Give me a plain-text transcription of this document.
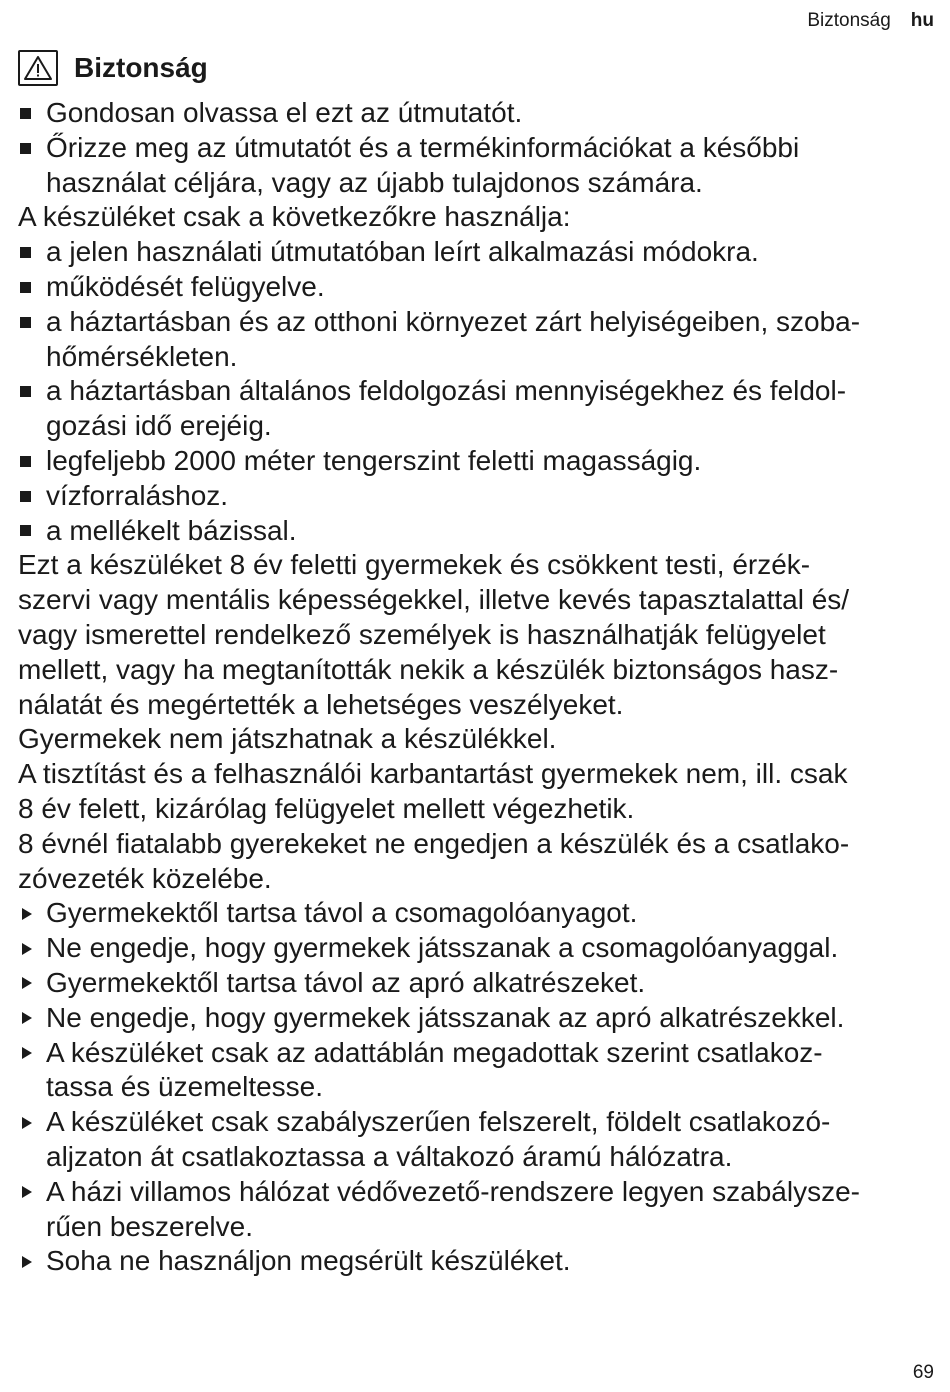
Biztonság hu
Biztonság
Gondosan olvassa el ezt az útmutatót.
Őrizze meg az útmutatót és a termékinformációkat a későbbi
használat céljára, vagy az újabb tulajdonos számára.
A készüléket csak a következőkre használja:
a jelen használati útmutatóban leírt alkalmazási módokra.
működését felügyelve.
a háztartásban és az otthoni környezet zárt helyiségeiben, szoba-
hőmérsékleten.
a háztartásban általános feldolgozási mennyiségekhez és feldol-
gozási idő erejéig.
legfeljebb 2000 méter tengerszint feletti magasságig.
vízforraláshoz.
a mellékelt bázissal.
Ezt a készüléket 8 év feletti gyermekek és csökkent testi, érzék-
szervi vagy mentális képességekkel, illetve kevés tapasztalattal és/
vagy ismerettel rendelkező személyek is használhatják felügyelet
mellett, vagy ha megtanították nekik a készülék biztonságos hasz-
nálatát és megértették a lehetséges veszélyeket.
Gyermekek nem játszhatnak a készülékkel.
A tisztítást és a felhasználói karbantartást gyermekek nem, ill. csak
8 év felett, kizárólag felügyelet mellett végezhetik.
8 évnél fiatalabb gyerekeket ne engedjen a készülék és a csatlako-
zóvezeték közelébe.
Gyermekektől tartsa távol a csomagolóanyagot.
Ne engedje, hogy gyermekek játsszanak a csomagolóanyaggal.
Gyermekektől tartsa távol az apró alkatrészeket.
Ne engedje, hogy gyermekek játsszanak az apró alkatrészekkel.
A készüléket csak az adattáblán megadottak szerint csatlakoz-
tassa és üzemeltesse.
A készüléket csak szabályszerűen felszerelt, földelt csatlakozó-
aljzaton át csatlakoztassa a váltakozó áramú hálózatra.
A házi villamos hálózat védővezető-rendszere legyen szabálysze-
rűen beszerelve.
Soha ne használjon megsérült készüléket.
69
